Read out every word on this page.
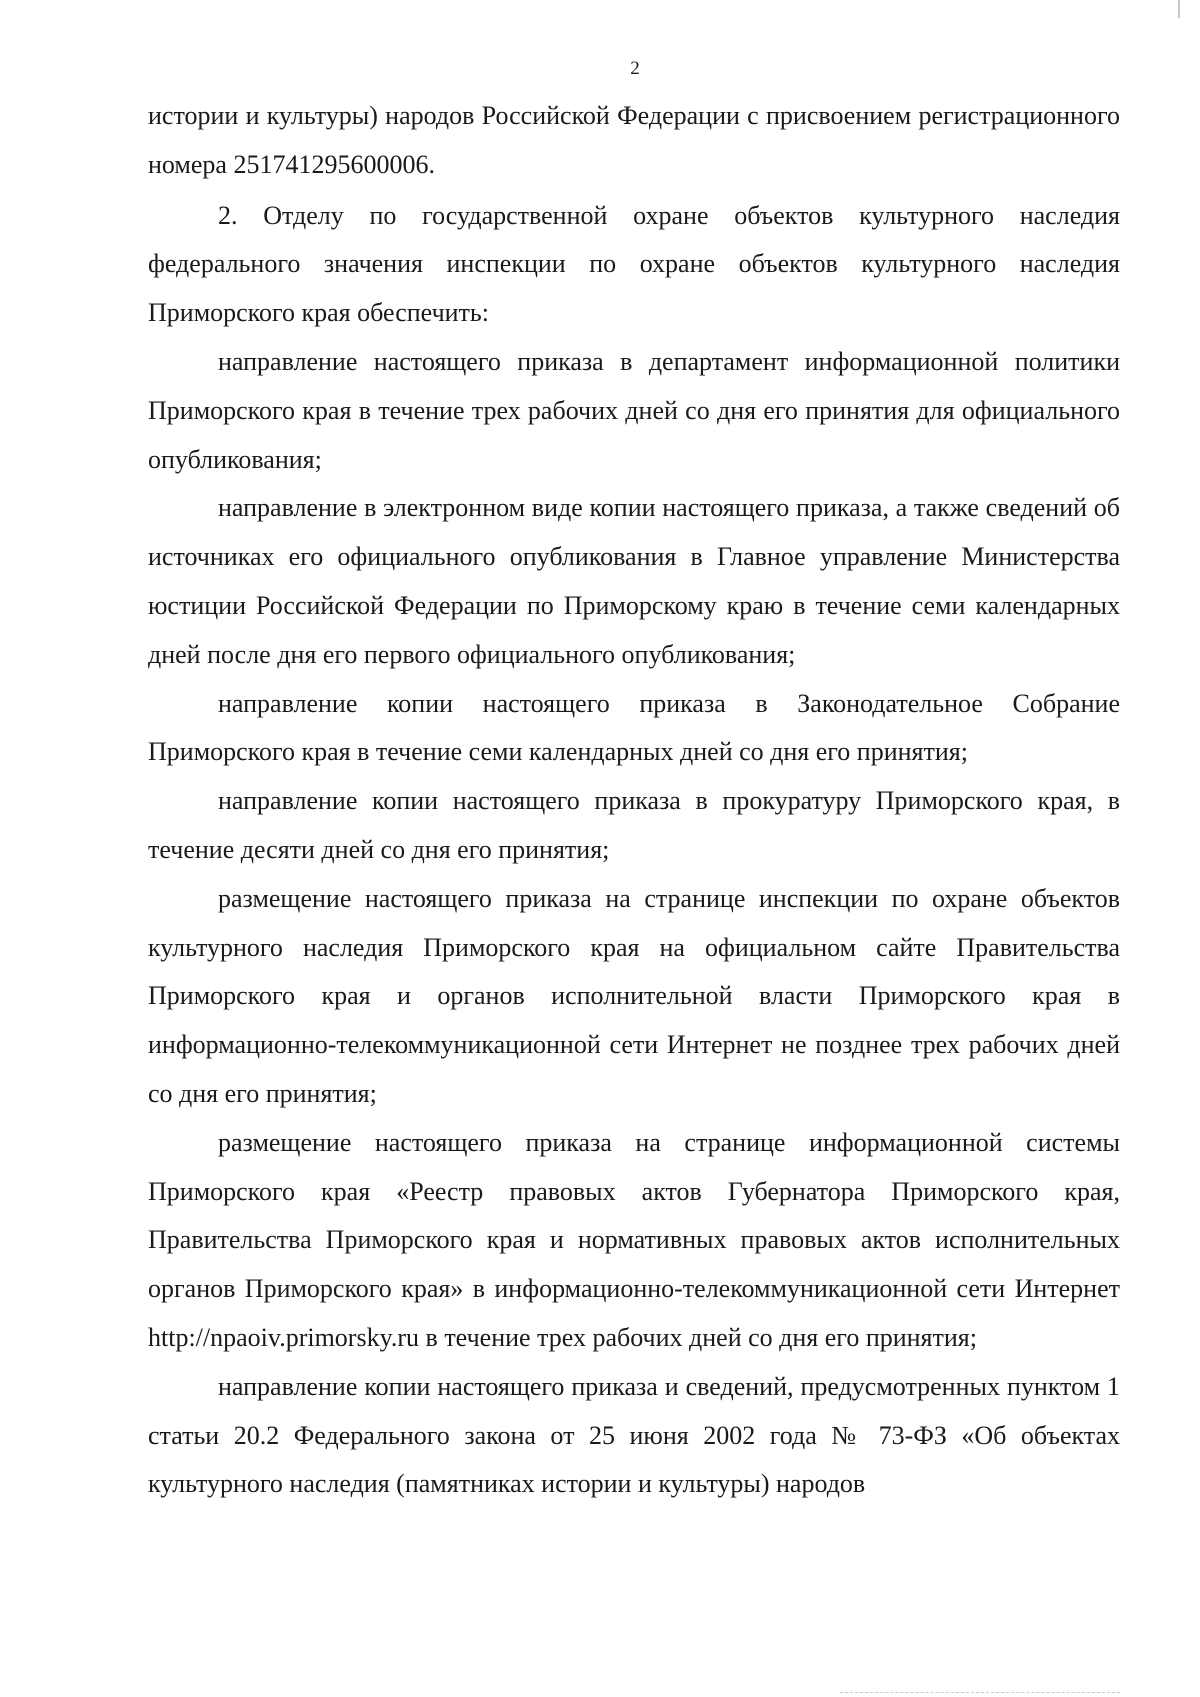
2

истории и культуры) народов Российской Федерации с присвоением регистрационного номера 251741295600006.

2. Отделу по государственной охране объектов культурного наследия федерального значения инспекции по охране объектов культурного наследия Приморского края обеспечить:

направление настоящего приказа в департамент информационной политики Приморского края в течение трех рабочих дней со дня его принятия для официального опубликования;

направление в электронном виде копии настоящего приказа, а также сведений об источниках его официального опубликования в Главное управление Министерства юстиции Российской Федерации по Приморскому краю в течение семи календарных дней после дня его первого официального опубликования;

направление копии настоящего приказа в Законодательное Собрание Приморского края в течение семи календарных дней со дня его принятия;

направление копии настоящего приказа в прокуратуру Приморского края, в течение десяти дней со дня его принятия;

размещение настоящего приказа на странице инспекции по охране объектов культурного наследия Приморского края на официальном сайте Правительства Приморского края и органов исполнительной власти Приморского края в информационно-телекоммуникационной сети Интернет не позднее трех рабочих дней со дня его принятия;

размещение настоящего приказа на странице информационной системы Приморского края «Реестр правовых актов Губернатора Приморского края, Правительства Приморского края и нормативных правовых актов исполнительных органов Приморского края» в информационно-телекоммуникационной сети Интернет http://npaoiv.primorsky.ru в течение трех рабочих дней со дня его принятия;

направление копии настоящего приказа и сведений, предусмотренных пунктом 1 статьи 20.2 Федерального закона от 25 июня 2002 года № 73-ФЗ «Об объектах культурного наследия (памятниках истории и культуры) народов
